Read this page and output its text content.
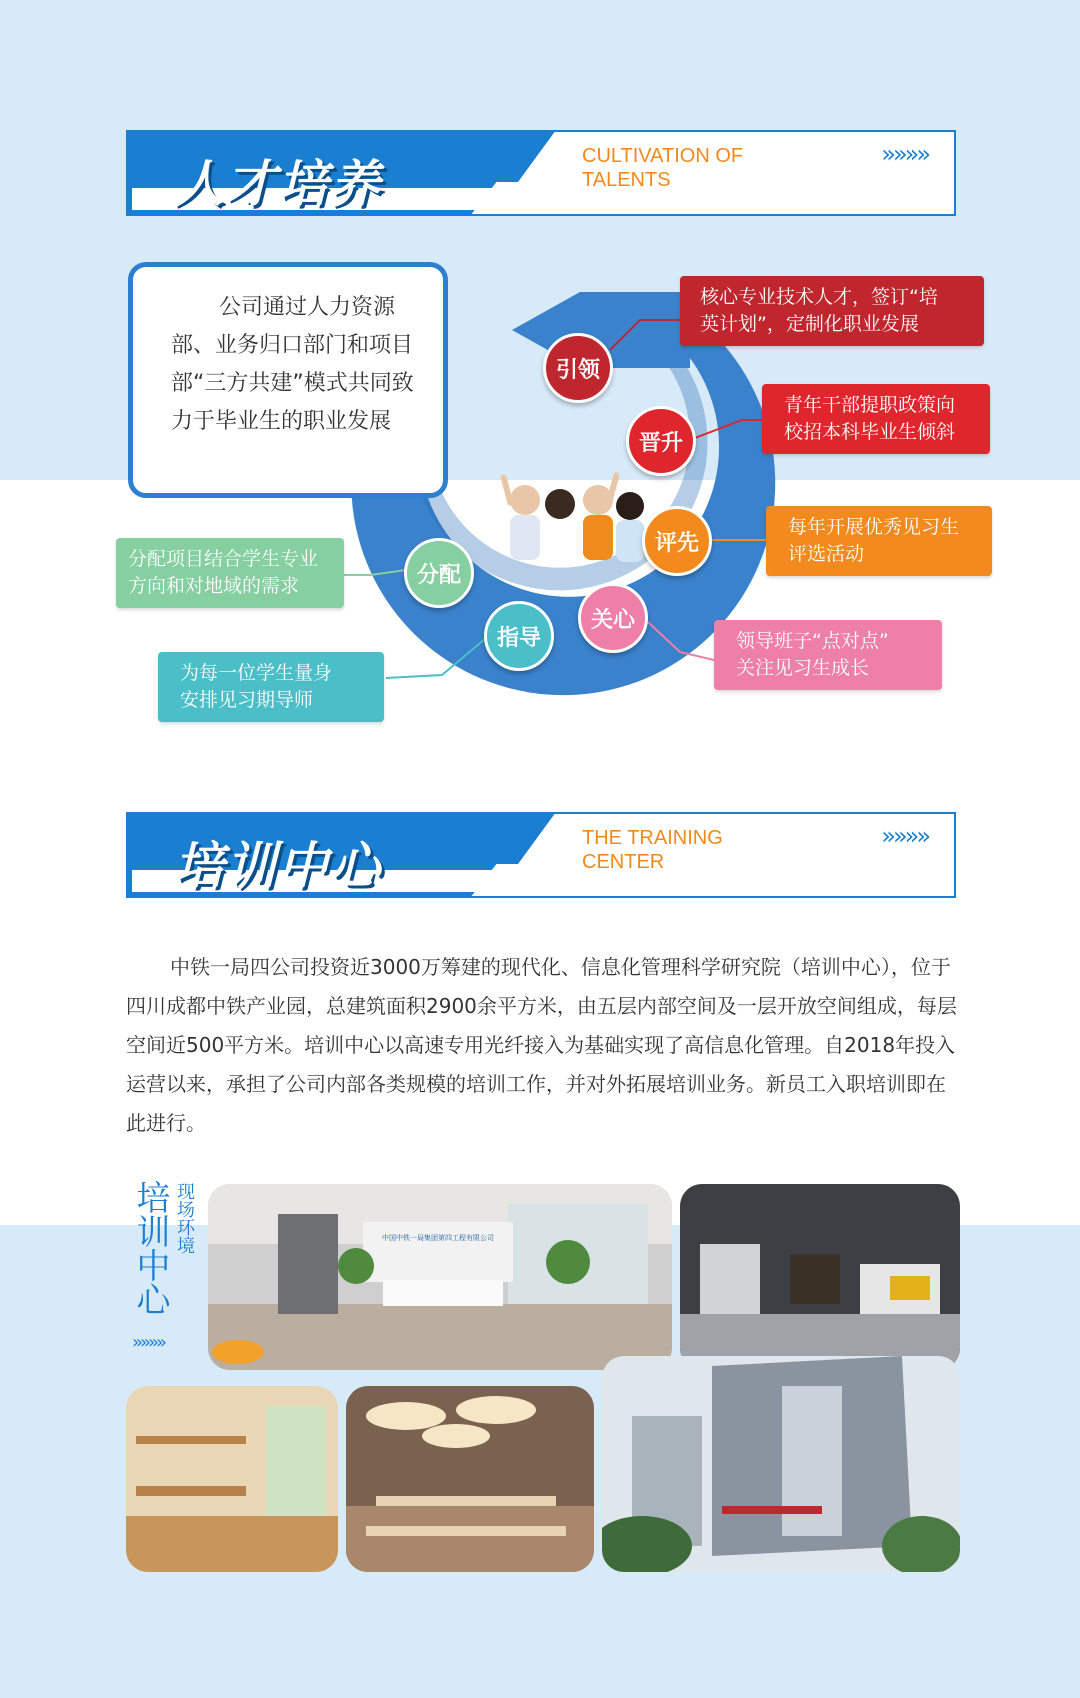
人才培养	CULTIVATION OF
TALENTS
»»»»

公司通过人力资源部、业务归口部门和项目部“三方共建”模式共同致力于毕业生的职业发展

引领
晋升
评先
关心
指导
分配
核心专业技术人才，签订“培
英计划”，定制化职业发展
青年干部提职政策向
校招本科毕业生倾斜
每年开展优秀见习生
评选活动
领导班子“点对点”
关注见习生成长
为每一位学生量身
安排见习期导师
分配项目结合学生专业
方向和对地域的需求
培训中心	THE TRAINING
CENTER
»»»»

中铁一局四公司投资近3000万筹建的现代化、信息化管理科学研究院（培训中心），位于四川成都中铁产业园，总建筑面积2900余平方米，由五层内部空间及一层开放空间组成，每层空间近500平方米。培训中心以高速专用光纤接入为基础实现了高信息化管理。自2018年投入运营以来，承担了公司内部各类规模的培训工作，并对外拓展培训业务。新员工入职培训即在此进行。

培训中心 现场环境
»»»»
中国中铁一局集团第四工程有限公司
